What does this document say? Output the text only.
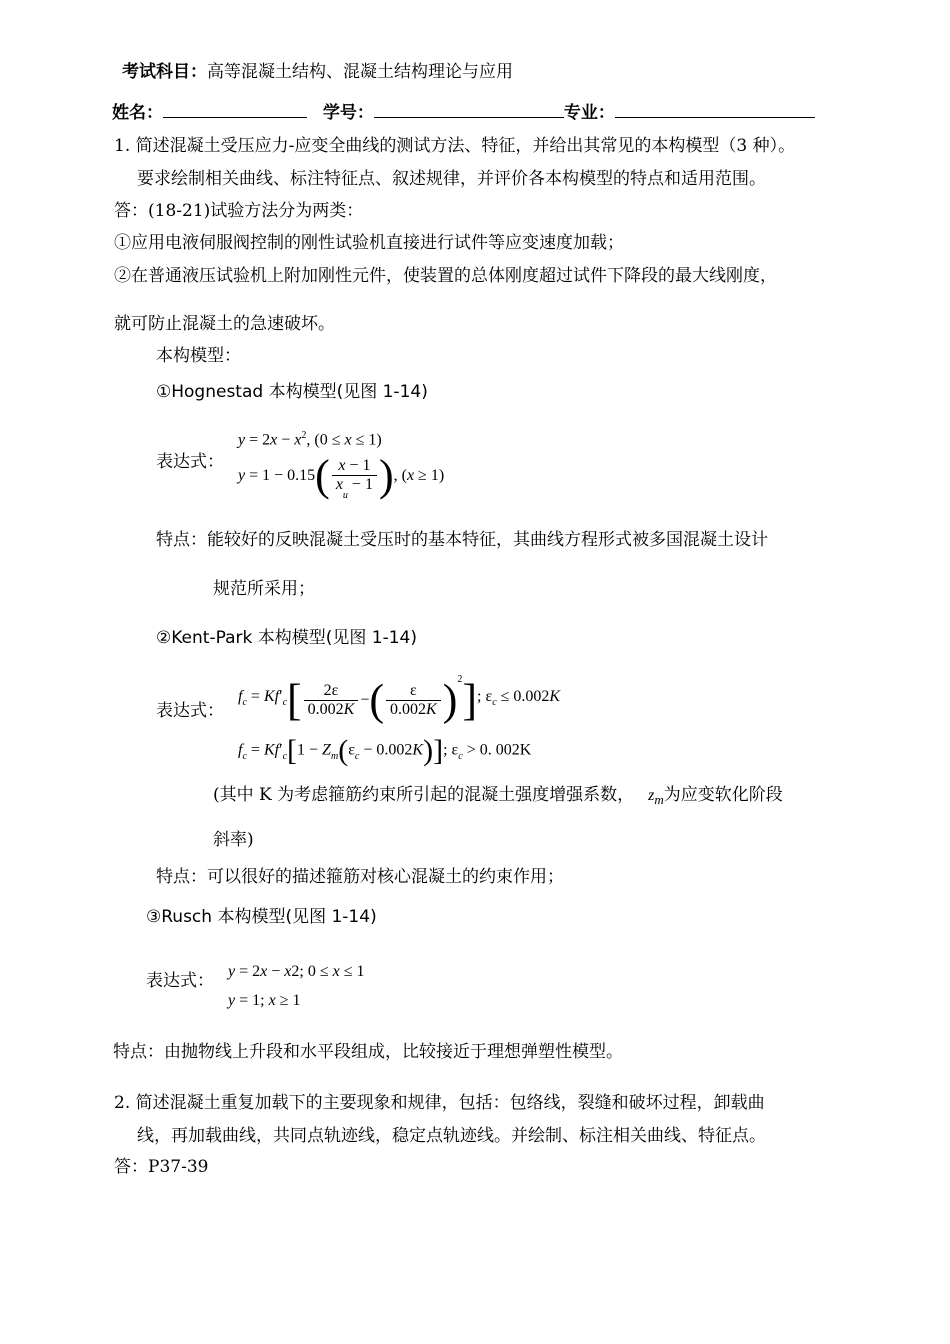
考试科目：高等混凝土结构、混凝土结构理论与应用
姓名：	学号：	专业：
1. 简述混凝土受压应力-应变全曲线的测试方法、特征，并给出其常见的本构模型（3 种）。
要求绘制相关曲线、标注特征点、叙述规律，并评价各本构模型的特点和适用范围。
答：(18-21)试验方法分为两类：
①应用电液伺服阀控制的刚性试验机直接进行试件等应变速度加载；
②在普通液压试验机上附加刚性元件，使装置的总体刚度超过试件下降段的最大线刚度，
就可防止混凝土的急速破坏。
本构模型：
①Hognestad 本构模型(见图 1-14)
表达式：
$y = 2x - x^2$, (0 ≤ x ≤ 1)
$y = 1 - 0.15( \frac{x - 1}{x_u - 1}$ ), (x ≥ 1)
特点：能较好的反映混凝土受压时的基本特征，其曲线方程形式被多国混凝土设计
规范所采用；
②Kent-Park 本构模型(见图 1-14)
表达式：
$f_c = Kf'_c[ \frac{2\varepsilon}{0.002K}$ −( $\frac{\varepsilon}{0.002K} )^2$]; $\varepsilon_c \le 0.002K$
$f_c = Kf'_c[1 - Z_m(\varepsilon_c - 0.002K)]$; $\varepsilon_c > 0$. 002K
(其中 K 为考虑箍筋约束所引起的混凝土强度增强系数， $z_m$为应变软化阶段
斜率)
特点：可以很好的描述箍筋对核心混凝土的约束作用；
③Rusch 本构模型(见图 1-14)
表达式： y = 2x − x2; 0 ≤ x ≤ 1
y = 1; x ≥ 1
特点：由抛物线上升段和水平段组成，比较接近于理想弹塑性模型。
2. 简述混凝土重复加载下的主要现象和规律，包括：包络线，裂缝和破坏过程，卸载曲
线，再加载曲线，共同点轨迹线，稳定点轨迹线。并绘制、标注相关曲线、特征点。
答：P37-39
